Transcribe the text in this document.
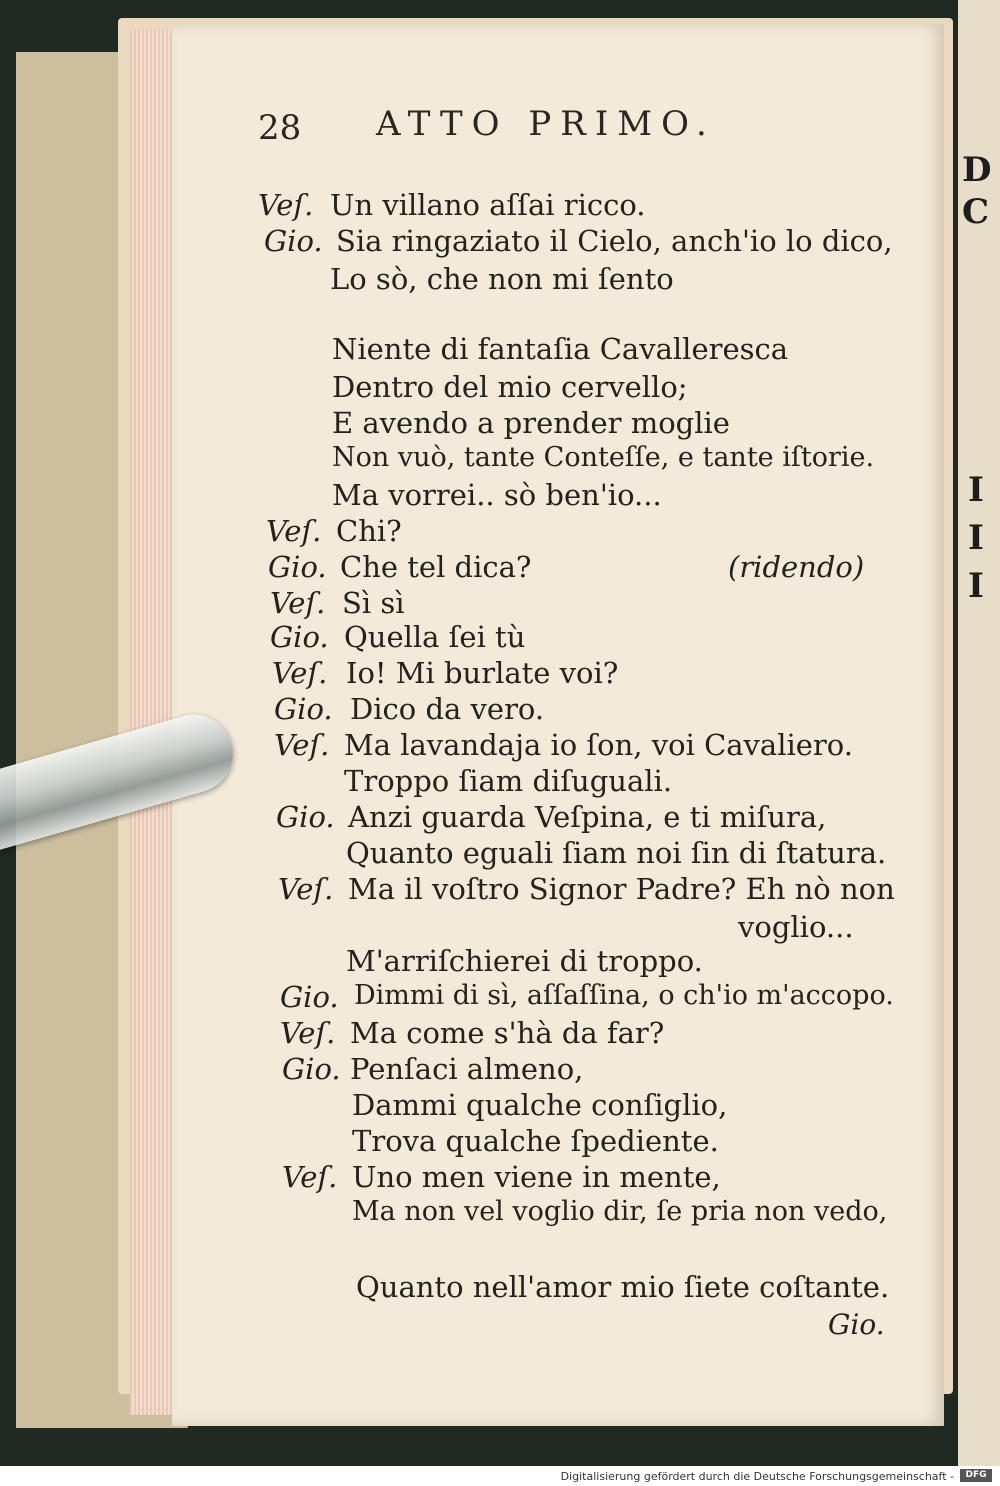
D
C
I
I
I
28 ATTO PRIMO.
Veſ. Un villano aſſai ricco.
Gio. Sia ringaziato il Cielo, anch'io lo dico,
Lo sò, che non mi ſento
Niente di fantaſia Cavalleresca
Dentro del mio cervello;
E avendo a prender moglie
Non vuò, tante Conteſſe, e tante iſtorie.
Ma vorrei.. sò ben'io...
Veſ. Chi?
Gio. Che tel dica?	(ridendo)
Veſ. Sì sì
Gio. Quella ſei tù
Veſ. Io! Mi burlate voi?
Gio. Dico da vero.
Veſ. Ma lavandaja io ſon, voi Cavaliero.
Troppo ſiam diſuguali.
Gio. Anzi guarda Veſpina, e ti miſura,
Quanto eguali ſiam noi ſin di ſtatura.
Veſ. Ma il voſtro Signor Padre? Eh nò non
voglio...
M'arriſchierei di troppo.
Gio. Dimmi di sì, aſſaſſina, o ch'io m'accopo.
Veſ. Ma come s'hà da far?
Gio. Penſaci almeno,
Dammi qualche conſiglio,
Trova qualche ſpediente.
Veſ. Uno men viene in mente,
Ma non vel voglio dir, ſe pria non vedo,
Quanto nell'amor mio ſiete coſtante.
Gio.
Digitalisierung gefördert durch die Deutsche Forschungsgemeinschaft -	DFG
